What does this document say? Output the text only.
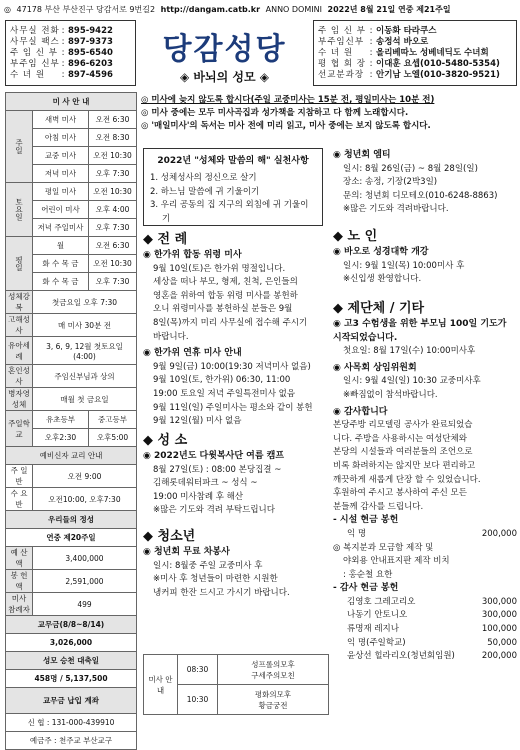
◎ 47178 부산 부산진구 당감서로 9번길2 http://dangam.catb.kr ANNO DOMINI 2022년 8월 21일 연중 제21주일
사무실 전화 : 895-9422
사무실 팩스 : 897-9373
주 임 신 부 : 895-6540
부주임 신부 : 896-6203
수 녀 원	: 897-4596
당감성당
◈ 바뇌의 성모 ◈
주 임 신 부 : 이동화 타라쿠스
부주임신부 : 송정석 바오로
수 녀 원	: 올리베따노 성베네딕도 수녀회
평 협 회 장 : 이대훈 요셉(010-5480-5354)
선교분과장 : 안기남 노엘(010-3820-9521)
미 사 안 내		
주일	새벽 미사	오전 6:30
	아침 미사	오전 8:30
	교중 미사	오전 10:30
	저녁 미사	오후 7:30
토요일	평일 미사	오전 10:30
	어린이 미사	오후 4:00
	저녁 주일미사	오후 7:30
평일	월	오전 6:30
	화 수 목 금	오전 10:30
	화 수 목 금	오후 7:30
성체강복	첫금요일 오후 7:30	
고해성사	매 미사 30분 전	
유아세례	3, 6, 9, 12월 첫토요일(4:00)	
혼인성사	주임신부님과 상의	
병자영성체	매월 첫 금요일	
주일학교	유초등부	중고등부
	오후2:30	오후5:00
예비신자 교리 안내		
주 일 반	오전 9:00	
수 요 반	오전10:00, 오후7:30	
우리들의 정성		
연중 제20주일		
예 산 액	3,400,000	
봉 헌 액	2,591,000	
미사 참례자	499	
교무금(8/8~8/14)		
3,026,000		
성모 승천 대축일		
458명 / 5,137,500		
교무금 납입 계좌		
신 협 : 131-000-439910		
예금주 : 천주교 부산교구		
◎ 미사에 늦지 않도록 합시다(주일 교중미사는 15분 전, 평일미사는 10분 전)
◎ 미사 중에는 모두 미사곡집과 성가책을 지참하고 다 함께 노래합시다.
◎ '매일미사'의 독서는 미사 전에 미리 읽고, 미사 중에는 보지 않도록 합시다.
2022년 "성체와 말씀의 해" 실천사항
1. 성체성사의 정신으로 살기
2. 하느님 말씀에 귀 기울이기
3. 우리 공동의 집 지구의 외침에 귀 기울이기
◆ 전 례
◉ 한가위 합동 위령 미사

9월 10일(토)은 한가위 명절입니다.

세상을 떠나 부모, 형제, 친척, 은인들의

영혼을 위하여 합동 위령 미사를 봉헌하

오니 위령미사를 봉헌하실 분들은 9월

8일(목)까지 미리 사무실에 접수해 주시기

바랍니다.

◉ 한가위 연휴 미사 안내

9월 9일(금) 10:00(19:30 저녁미사 없음)

9월 10일(토, 한가위) 06:30, 11:00

19:00 토요일 저녁 주일특전미사 없음

9월 11일(일) 주일미사는 평소와 같이 봉헌

9월 12일(월) 미사 없음

◆ 성 소
◉ 2022년도 다윗복사단 여름 캠프

8월 27일(토) : 08:00 본당집결 ~

김해롯데워터파크 ~ 성식 ~

19:00 미사참례 후 해산

※많은 기도와 격려 부탁드립니다

◆ 청소년
◉ 청년회 무료 차봉사

일시: 8월중 주일 교중미사 후

※미사 후 청년들이 마련한 시원한

냉커피 한잔 드시고 가시기 바랍니다.

미사 안내	08:30	성프롤의모후
구세주의모친

	10:30	평화의모후
황금궁전
◉ 청년회 엠티

일시: 8월 26일(금) ~ 8월 28일(일)

장소: 송정, 기장(2박3일)

문의: 청년회 디모테오(010-6248-8863)

※많은 기도와 격려바랍니다.

◆ 노 인
◉ 바오로 성경대학 개강

일시: 9월 1일(목) 10:00미사 후

※신입생 환영합니다.

◆ 제단체 / 기타
◉ 고3 수험생을 위한 부모님 100일 기도가 시작되었습니다.

첫요일: 8월 17일(수) 10:00미사후

◉ 사목회 상임위원회

일시: 9월 4일(일) 10:30 교중미사후

※빠짐없이 참석바랍니다.

◉ 감사합니다

본당주방 리모델링 공사가 완료되었습

니다. 주방을 사용하시는 여성단체와

본당의 시설들과 여러분들의 조언으로

비록 화려하지는 않지만 보다 편리하고

깨끗하게 새롭게 단장 할 수 있었습니다.

후원하여 주시고 봉사하여 주신 모든

분들께 감사를 드립니다.

- 시설 현금 봉헌
익 명	200,000

◎ 복지분과 모금함 제작 및

야외용 안내표지판 제작 비치

: 홍순철 요한

- 감사 현금 봉헌
김영호 그레고리오	300,000
나동기 안토니오	300,000
류명재 레지나	100,000
익 명(주일학교)	50,000
윤상선 힐라리오(청년회임원)	200,000
